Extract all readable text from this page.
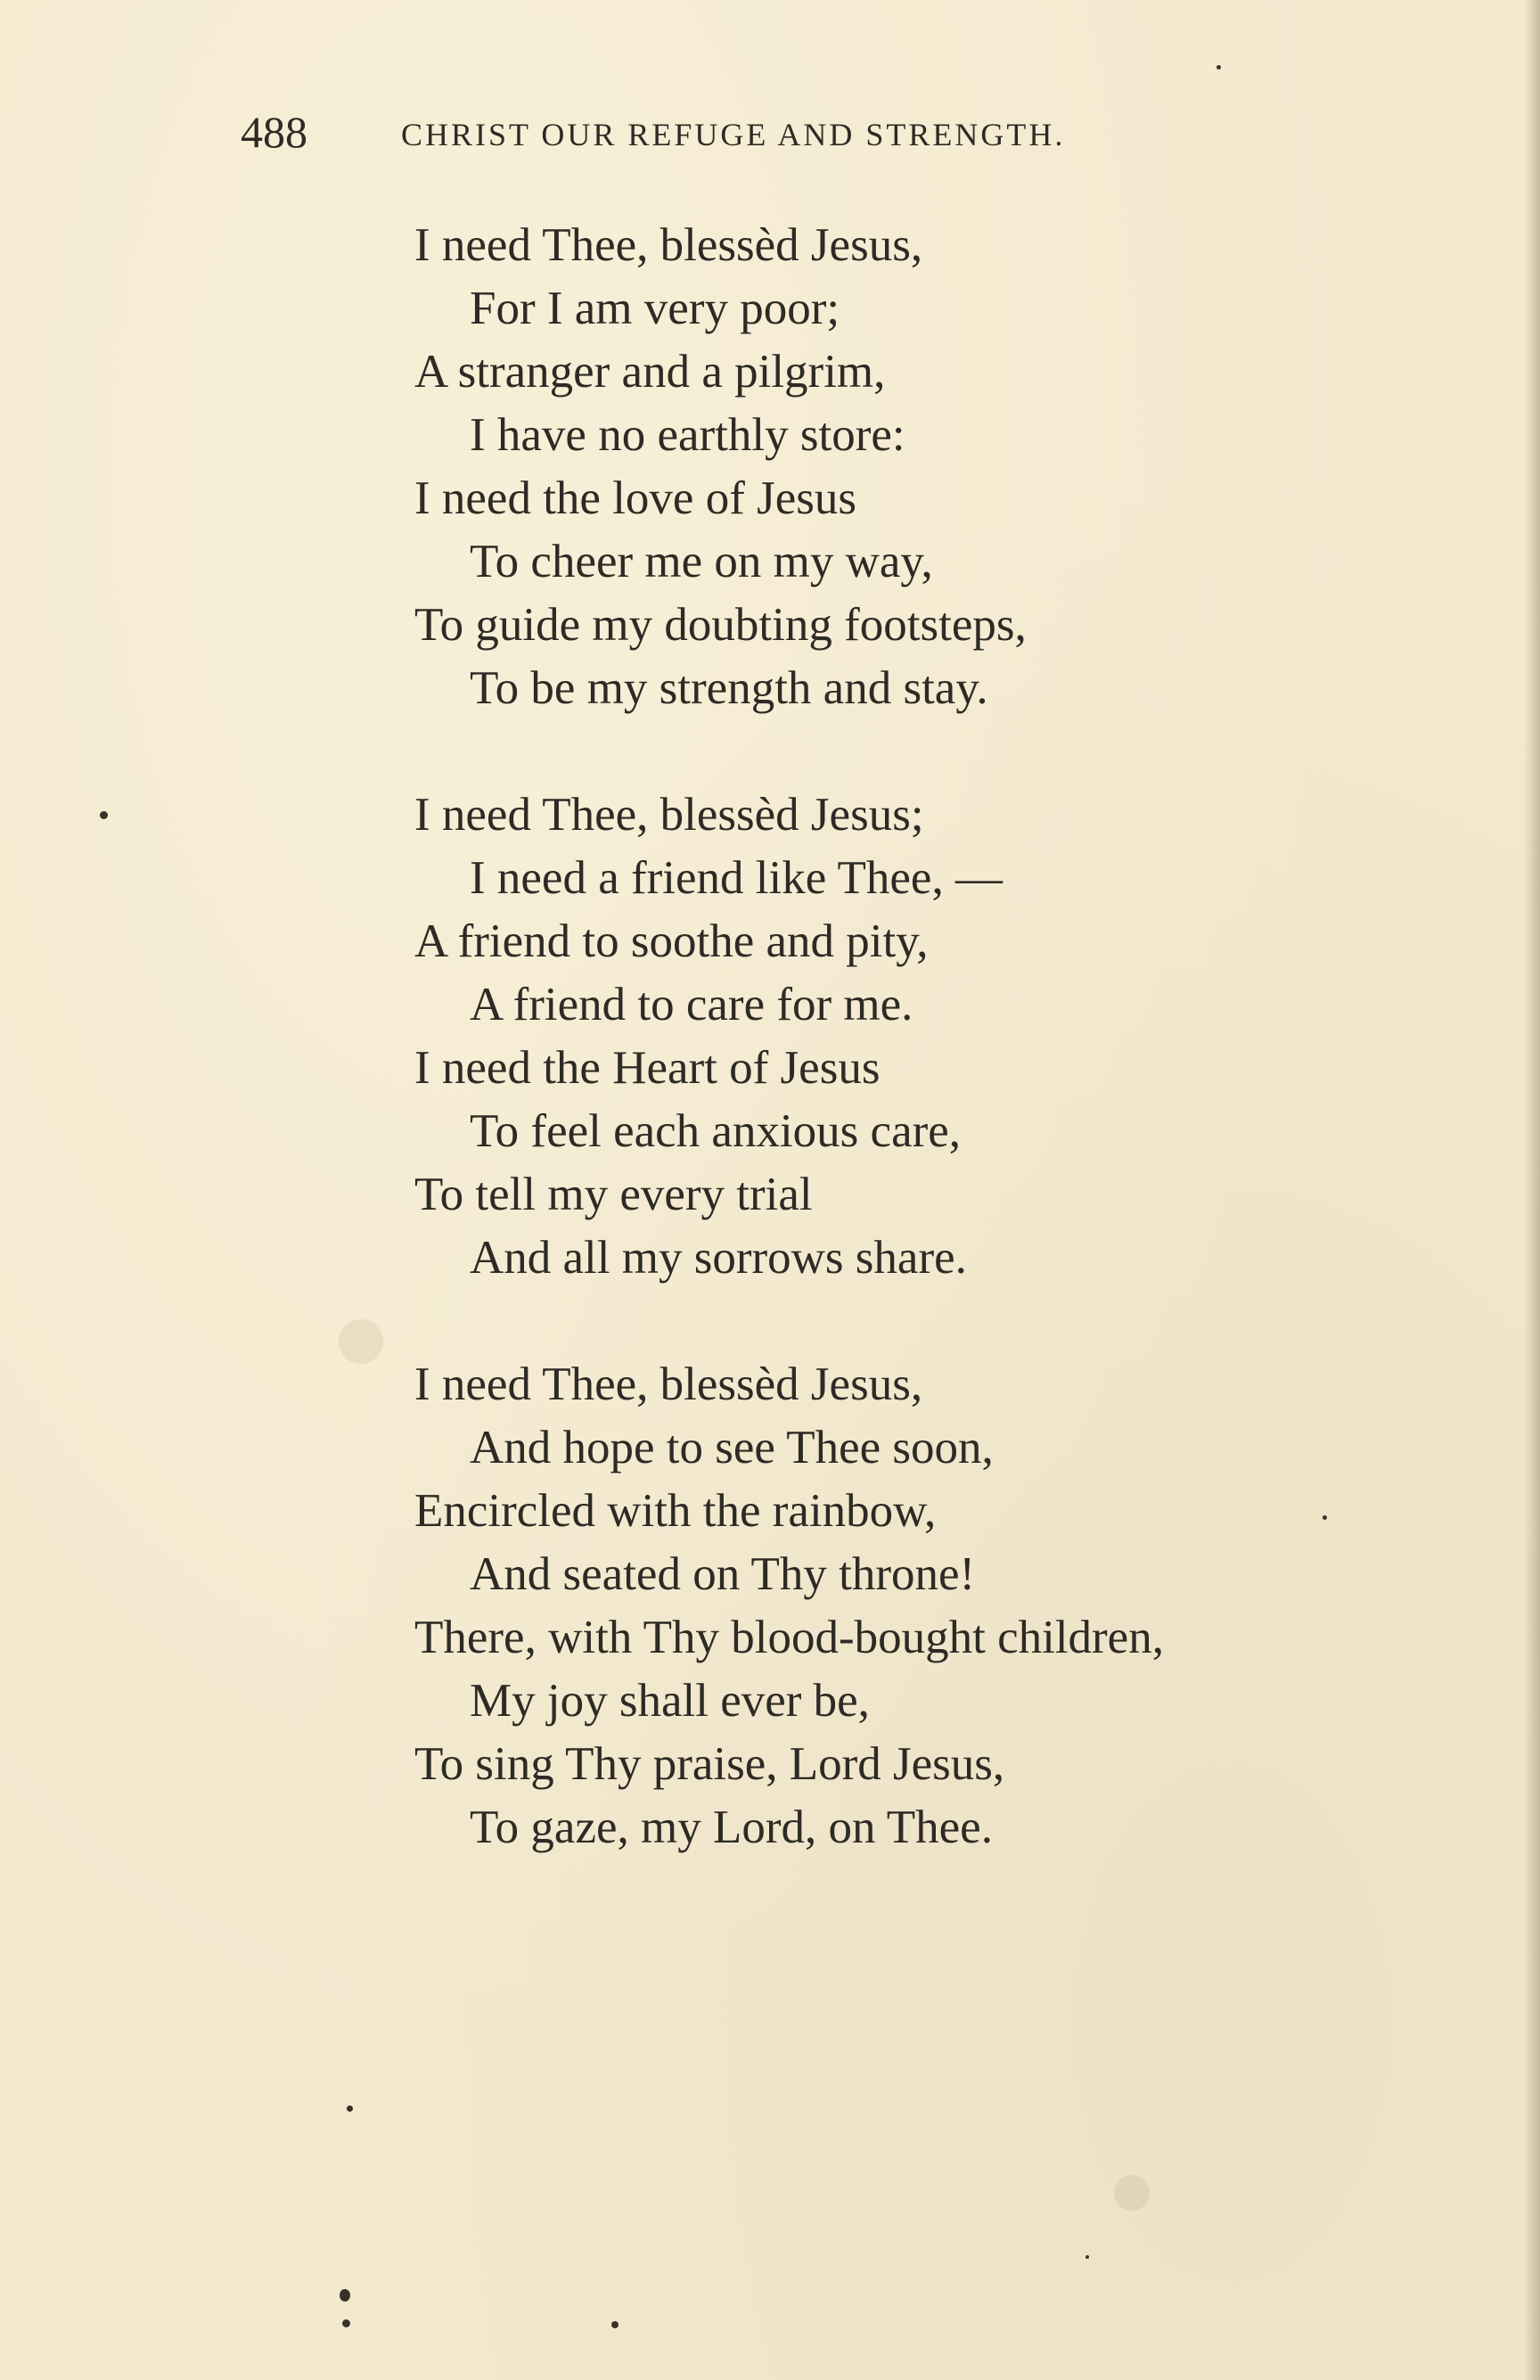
488	CHRIST OUR REFUGE AND STRENGTH.
I need Thee, blessèd Jesus,
For I am very poor;
A stranger and a pilgrim,
I have no earthly store:
I need the love of Jesus
To cheer me on my way,
To guide my doubting footsteps,
To be my strength and stay.
I need Thee, blessèd Jesus;
I need a friend like Thee, —
A friend to soothe and pity,
A friend to care for me.
I need the Heart of Jesus
To feel each anxious care,
To tell my every trial
And all my sorrows share.
I need Thee, blessèd Jesus,
And hope to see Thee soon,
Encircled with the rainbow,
And seated on Thy throne!
There, with Thy blood-bought children,
My joy shall ever be,
To sing Thy praise, Lord Jesus,
To gaze, my Lord, on Thee.
